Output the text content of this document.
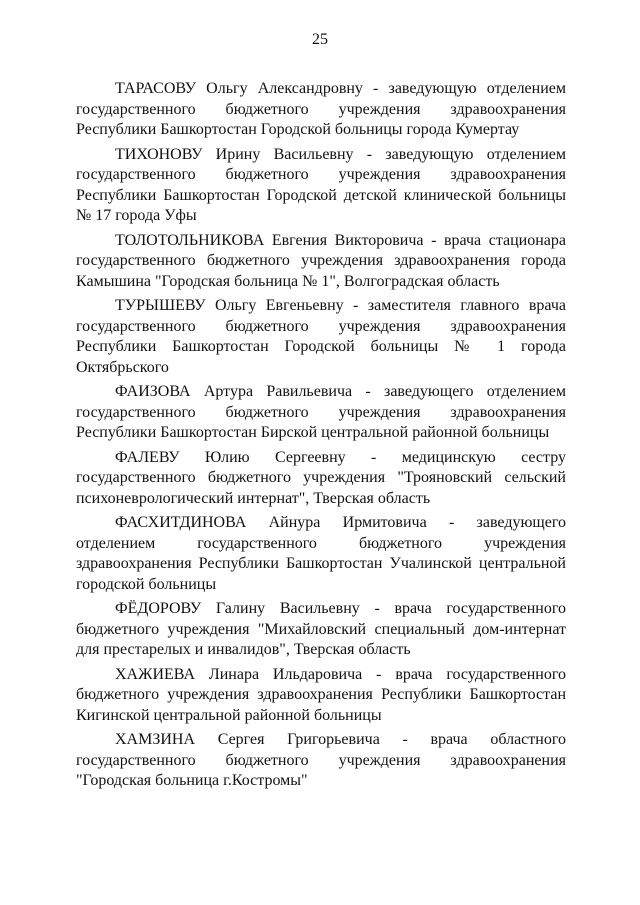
25

ТАРАСОВУ Ольгу Александровну - заведующую отделением государственного бюджетного учреждения здравоохранения Республики Башкортостан Городской больницы города Кумертау

ТИХОНОВУ Ирину Васильевну - заведующую отделением государственного бюджетного учреждения здравоохранения Республики Башкортостан Городской детской клинической больницы № 17 города Уфы

ТОЛОТОЛЬНИКОВА Евгения Викторовича - врача стационара государственного бюджетного учреждения здравоохранения города Камышина "Городская больница № 1", Волгоградская область

ТУРЫШЕВУ Ольгу Евгеньевну - заместителя главного врача государственного бюджетного учреждения здравоохранения Республики Башкортостан Городской больницы № 1 города Октябрьского

ФАИЗОВА Артура Равильевича - заведующего отделением государственного бюджетного учреждения здравоохранения Республики Башкортостан Бирской центральной районной больницы

ФАЛЕВУ Юлию Сергеевну - медицинскую сестру государственного бюджетного учреждения "Трояновский сельский психоневрологический интернат", Тверская область

ФАСХИТДИНОВА Айнура Ирмитовича - заведующего отделением государственного бюджетного учреждения здравоохранения Республики Башкортостан Учалинской центральной городской больницы

ФЁДОРОВУ Галину Васильевну - врача государственного бюджетного учреждения "Михайловский специальный дом-интернат для престарелых и инвалидов", Тверская область

ХАЖИЕВА Линара Ильдаровича - врача государственного бюджетного учреждения здравоохранения Республики Башкортостан Кигинской центральной районной больницы

ХАМЗИНА Сергея Григорьевича - врача областного государственного бюджетного учреждения здравоохранения "Городская больница г.Костромы"
